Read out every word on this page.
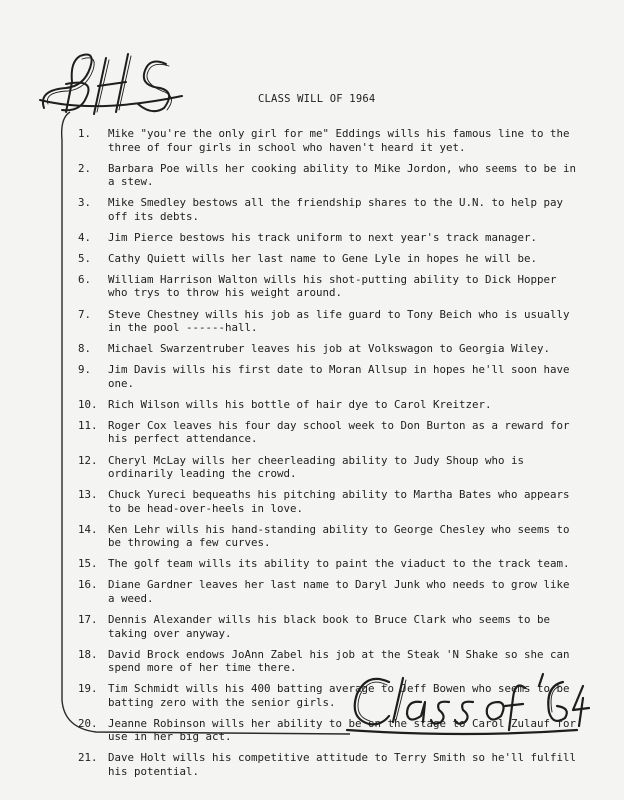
CLASS WILL OF 1964
1.	Mike "you're the only girl for me" Eddings wills his famous line to the three of four girls in school who haven't heard it yet.
2.	Barbara Poe wills her cooking ability to Mike Jordon, who seems to be in a stew.
3.	Mike Smedley bestows all the friendship shares to the U.N. to help pay off its debts.
4.	Jim Pierce bestows his track uniform to next year's track manager.
5.	Cathy Quiett wills her last name to Gene Lyle in hopes he will be.
6.	William Harrison Walton wills his shot-putting ability to Dick Hopper who trys to throw his weight around.
7.	Steve Chestney wills his job as life guard to Tony Beich who is usually in the pool ------hall.
8.	Michael Swarzentruber leaves his job at Volkswagon to Georgia Wiley.
9.	Jim Davis wills his first date to Moran Allsup in hopes he'll soon have one.
10. Rich Wilson wills his bottle of hair dye to Carol Kreitzer.
11. Roger Cox leaves his four day school week to Don Burton as a reward for his perfect attendance.
12. Cheryl McLay wills her cheerleading ability to Judy Shoup who is ordinarily leading the crowd.
13. Chuck Yureci bequeaths his pitching ability to Martha Bates who appears to be head-over-heels in love.
14. Ken Lehr wills his hand-standing ability to George Chesley who seems to be throwing a few curves.
15. The golf team wills its ability to paint the viaduct to the track team.
16. Diane Gardner leaves her last name to Daryl Junk who needs to grow like a weed.
17. Dennis Alexander wills his black book to Bruce Clark who seems to be taking over anyway.
18. David Brock endows JoAnn Zabel his job at the Steak 'N Shake so she can spend more of her time there.
19. Tim Schmidt wills his 400 batting average to Jeff Bowen who seems to be batting zero with the senior girls.
20. Jeanne Robinson wills her ability to be on the stage to Carol Zulauf for use in her big act.
21. Dave Holt wills his competitive attitude to Terry Smith so he'll fulfill his potential.
